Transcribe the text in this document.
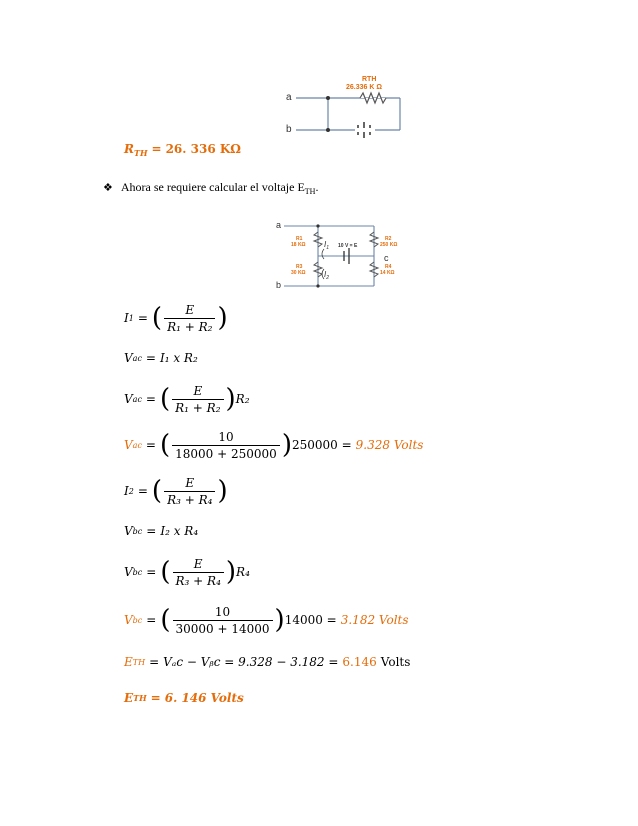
a
b
RTH
26.336 K Ω
$R_{TH} = 26$. 336 KΩ
❖ Ahora se requiere calcular el voltaje $E_{TH}$.
a
b
c
R1
18 KΩ
R3
30 KΩ
R2
250 KΩ
R4
14 KΩ
10 V = E
$I_1$
$I_2$
I 1 = ( $\frac{E}{\text{R₁ + R₂}}$ )
V ac = I₁ x R₂
V ac = ( $\frac{E}{\text{R₁ + R₂}}$ ) R₂
V ac = ( $\frac{10}{18000 + 250000}$ ) 250000 = 9.328 Volts
I 2 = ( $\frac{E}{\text{R₃ + R₄}}$ )
V bc = I₂ x R₄
V bc = ( $\frac{E}{\text{R₃ + R₄}}$ ) R₄
V bc = ( $\frac{10}{30000 + 14000}$ ) 14000 = 3.182 Volts
E TH = Vₐc − Vᵦc = 9.328 − 3.182 = 6.146 Volts
E TH = 6. 146 Volts
